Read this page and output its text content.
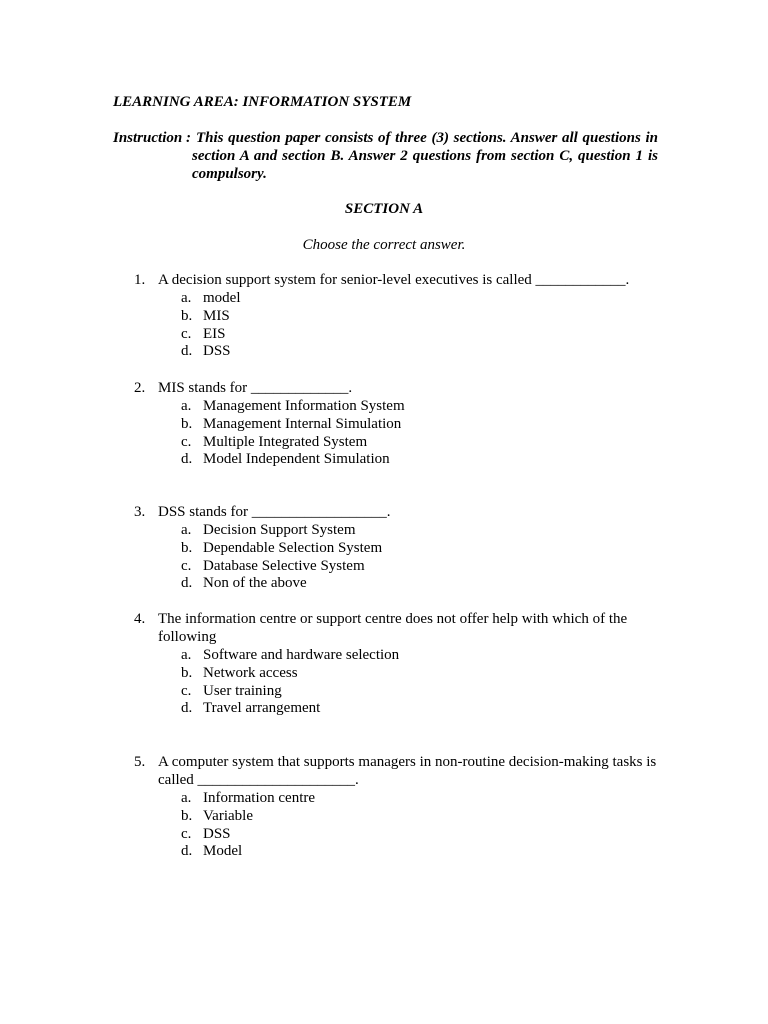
LEARNING AREA: INFORMATION SYSTEM
Instruction : This question paper consists of three (3) sections. Answer all questions in section A and section B. Answer 2 questions from section C, question 1 is compulsory.
SECTION A
Choose the correct answer.
1. A decision support system for senior-level executives is called ____________.
a. model
b. MIS
c. EIS
d. DSS
2. MIS stands for _____________.
a. Management Information System
b. Management Internal Simulation
c. Multiple Integrated System
d. Model Independent Simulation
3. DSS stands for __________________.
a. Decision Support System
b. Dependable Selection System
c. Database Selective System
d. Non of the above
4. The information centre or support centre does not offer help with which of the following
a. Software and hardware selection
b. Network access
c. User training
d. Travel arrangement
5. A computer system that supports managers in non-routine decision-making tasks is called _____________________.
a. Information centre
b. Variable
c. DSS
d. Model
